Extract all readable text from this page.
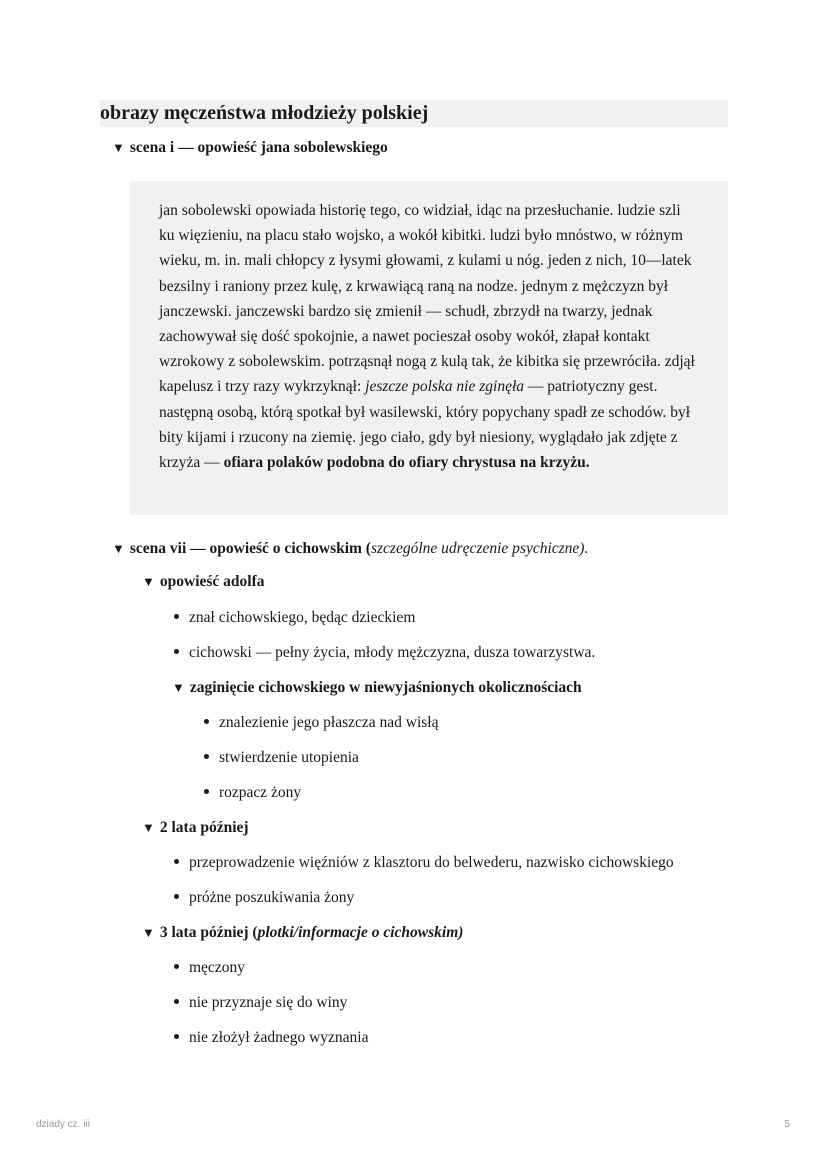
obrazy męczeństwa młodzieży polskiej
▼ scena i — opowieść jana sobolewskiego

jan sobolewski opowiada historię tego, co widział, idąc na przesłuchanie. ludzie szli ku więzieniu, na placu stało wojsko, a wokół kibitki. ludzi było mnóstwo, w różnym wieku, m. in. mali chłopcy z łysymi głowami, z kulami u nóg. jeden z nich, 10—latek bezsilny i raniony przez kulę, z krwawiącą raną na nodze. jednym z mężczyzn był janczewski. janczewski bardzo się zmienił — schudł, zbrzydł na twarzy, jednak zachowywał się dość spokojnie, a nawet pocieszał osoby wokół, złapał kontakt wzrokowy z sobolewskim. potrząsnął nogą z kulą tak, że kibitka się przewróciła. zdjął kapelusz i trzy razy wykrzyknął: jeszcze polska nie zginęła — patriotyczny gest. następną osobą, którą spotkał był wasilewski, który popychany spadł ze schodów. był bity kijami i rzucony na ziemię. jego ciało, gdy był niesiony, wyglądało jak zdjęte z krzyża — ofiara polaków podobna do ofiary chrystusa na krzyżu.

▼ scena vii — opowieść o cichowskim (szczególne udręczenie psychiczne).
▼ opowieść adolfa
znał cichowskiego, będąc dzieckiem
cichowski — pełny życia, młody mężczyzna, dusza towarzystwa.
▼ zaginięcie cichowskiego w niewyjaśnionych okolicznościach
znalezienie jego płaszcza nad wisłą
stwierdzenie utopienia
rozpacz żony
▼ 2 lata później
przeprowadzenie więźniów z klasztoru do belwederu, nazwisko cichowskiego
próżne poszukiwania żony
▼ 3 lata później (plotki/informacje o cichowskim)
męczony
nie przyznaje się do winy
nie złożył żadnego wyznania
dziady cz. iii	5
